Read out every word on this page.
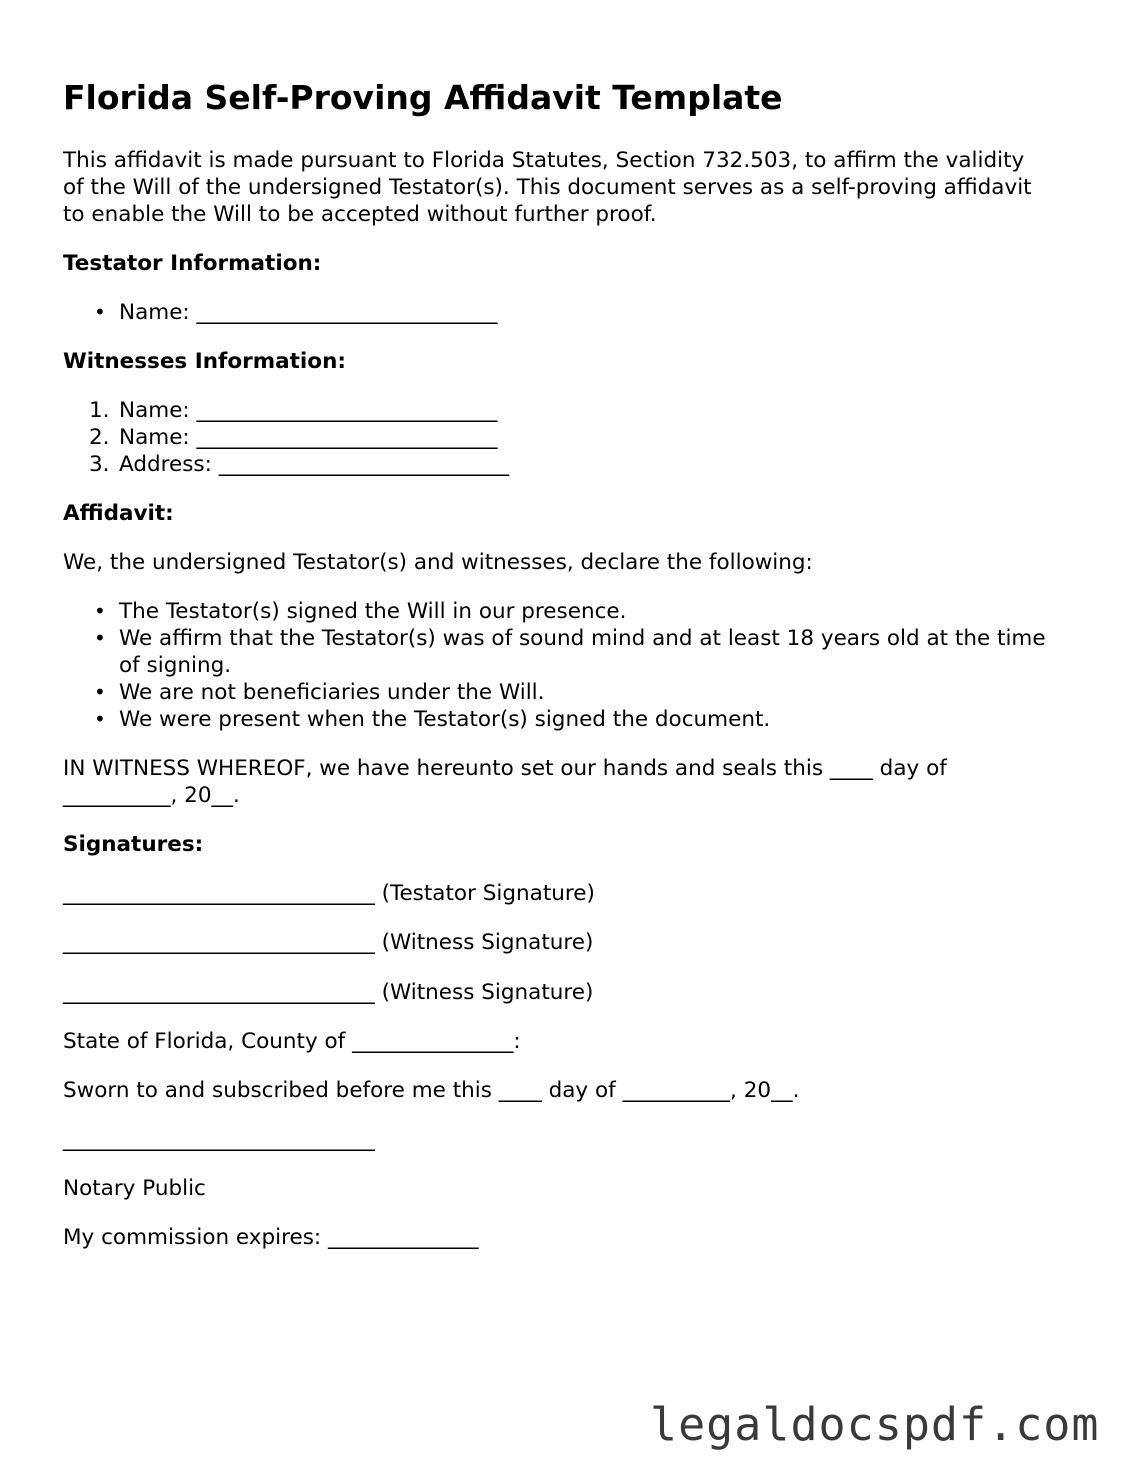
Florida Self-Proving Affidavit Template
This affidavit is made pursuant to Florida Statutes, Section 732.503, to affirm the validity
of the Will of the undersigned Testator(s). This document serves as a self-proving affidavit
to enable the Will to be accepted without further proof.
Testator Information:
•
Name: ____________________________
Witnesses Information:
1. Name: ____________________________
2. Name: ____________________________
3. Address: ___________________________
Affidavit:
We, the undersigned Testator(s) and witnesses, declare the following:
•
The Testator(s) signed the Will in our presence.
•
We affirm that the Testator(s) was of sound mind and at least 18 years old at the time
of signing.
•
We are not beneficiaries under the Will.
•
We were present when the Testator(s) signed the document.
IN WITNESS WHEREOF, we have hereunto set our hands and seals this ____ day of
__________, 20__.
Signatures:
_____________________________ (Testator Signature)
_____________________________ (Witness Signature)
_____________________________ (Witness Signature)
State of Florida, County of _______________:
Sworn to and subscribed before me this ____ day of __________, 20__.
_____________________________
Notary Public
My commission expires: ______________
legaldocspdf.com
